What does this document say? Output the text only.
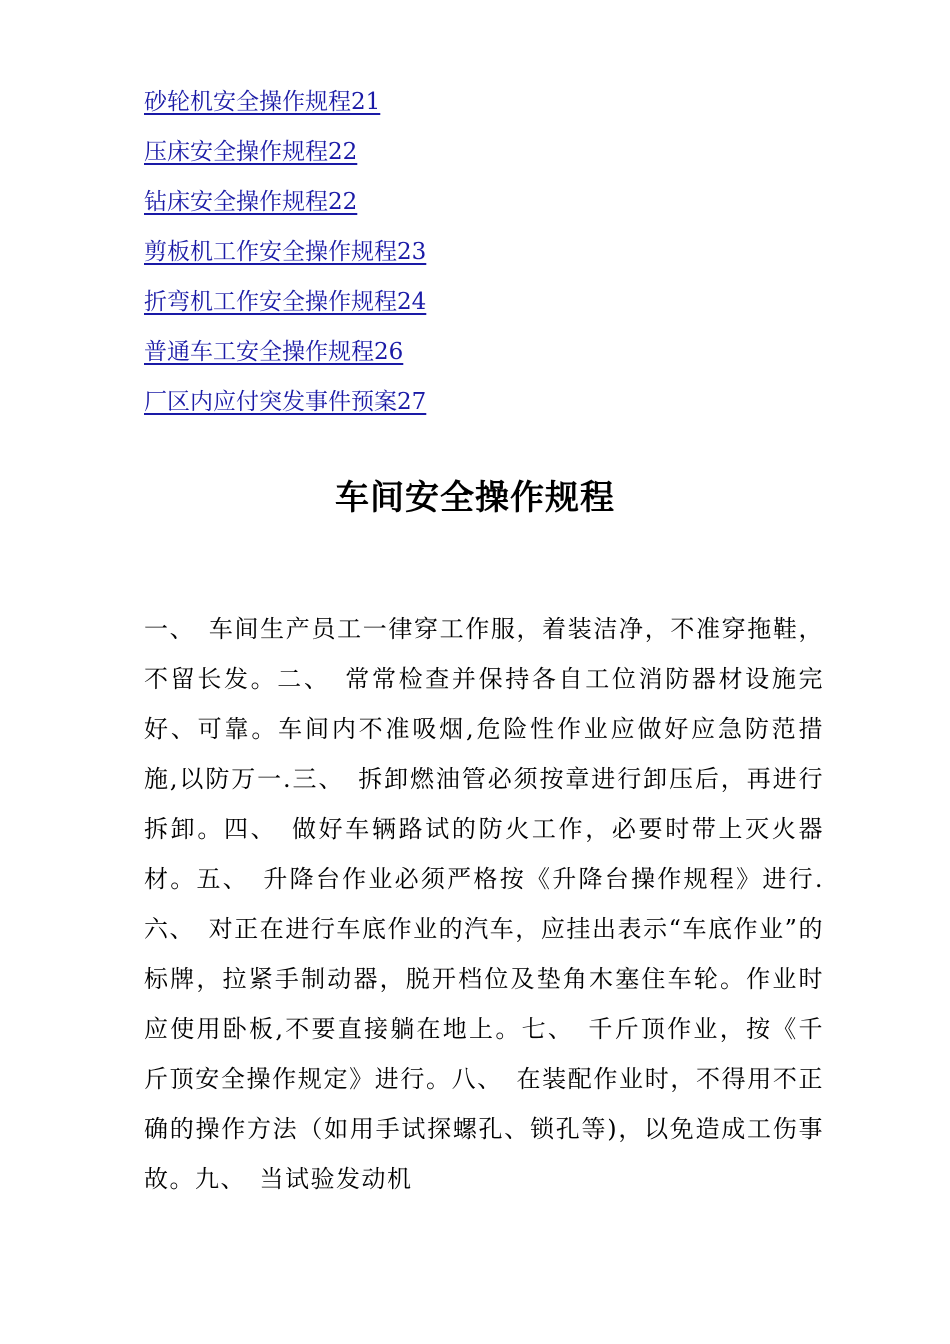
砂轮机安全操作规程21
压床安全操作规程22
钻床安全操作规程22
剪板机工作安全操作规程23
折弯机工作安全操作规程24
普通车工安全操作规程26
厂区内应付突发事件预案27
车间安全操作规程

一、　车间生产员工一律穿工作服，着装洁净，不准穿拖鞋，不留长发。二、　常常检查并保持各自工位消防器材设施完好、可靠。车间内不准吸烟,危险性作业应做好应急防范措施,以防万一.三、　拆卸燃油管必须按章进行卸压后，再进行拆卸。四、　做好车辆路试的防火工作，必要时带上灭火器材。五、　升降台作业必须严格按《升降台操作规程》进行.六、　对正在进行车底作业的汽车，应挂出表示“车底作业”的标牌，拉紧手制动器，脱开档位及垫角木塞住车轮。作业时应使用卧板,不要直接躺在地上。七、　千斤顶作业，按《千斤顶安全操作规定》进行。八、　在装配作业时，不得用不正确的操作方法（如用手试探螺孔、锁孔等)，以免造成工伤事故。九、　当试验发动机
